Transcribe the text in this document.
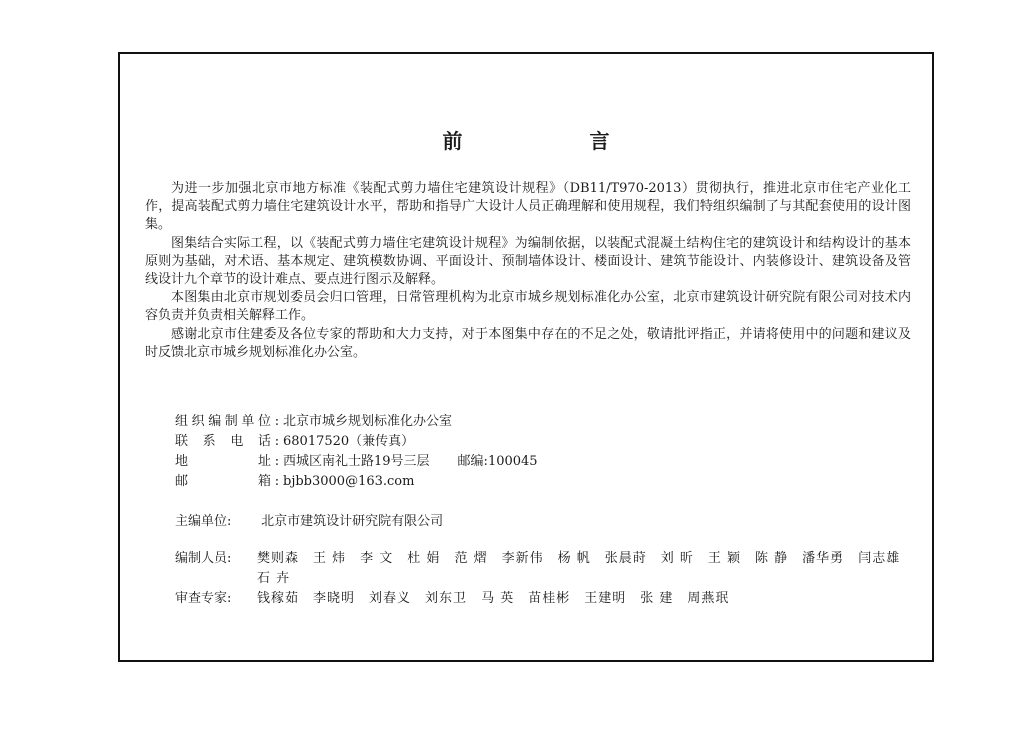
前 言

为进一步加强北京市地方标准《装配式剪力墙住宅建筑设计规程》（DB11/T970-2013）贯彻执行，推进北京市住宅产业化工作，提高装配式剪力墙住宅建筑设计水平，帮助和指导广大设计人员正确理解和使用规程，我们特组织编制了与其配套使用的设计图集。

图集结合实际工程，以《装配式剪力墙住宅建筑设计规程》为编制依据，以装配式混凝土结构住宅的建筑设计和结构设计的基本原则为基础，对术语、基本规定、建筑模数协调、平面设计、预制墙体设计、楼面设计、建筑节能设计、内装修设计、建筑设备及管线设计九个章节的设计难点、要点进行图示及解释。

本图集由北京市规划委员会归口管理，日常管理机构为北京市城乡规划标准化办公室，北京市建筑设计研究院有限公司对技术内容负责并负责相关解释工作。

感谢北京市住建委及各位专家的帮助和大力支持，对于本图集中存在的不足之处，敬请批评指正，并请将使用中的问题和建议及时反馈北京市城乡规划标准化办公室。

组织编制单位 : 北京市城乡规划标准化办公室
联系电话 : 68017520（兼传真）
地址 : 西城区南礼士路19号三层 邮编: 100045
邮箱 : bjbb3000@163.com
主编单位: 北京市建筑设计研究院有限公司
编制人员:	樊则森 王 炜 李 文 杜 娟 范 熠 李新伟 杨 帆 张晨莳 刘 昕 王 颖 陈 静 潘华勇 闫志雄
石 卉
审查专家:	钱稼茹 李晓明 刘春义 刘东卫 马 英 苗桂彬 王建明 张 建 周燕珉
